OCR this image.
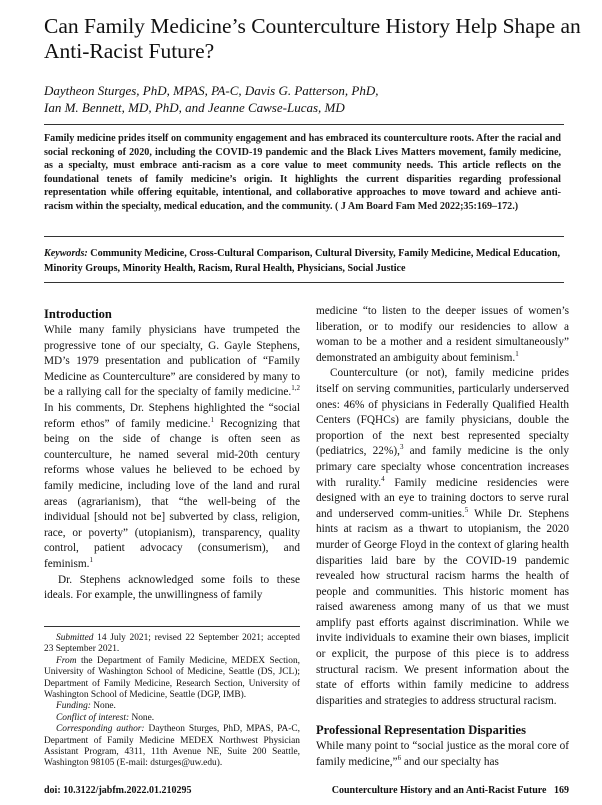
Can Family Medicine’s Counterculture History Help Shape an Anti-Racist Future?
Daytheon Sturges, PhD, MPAS, PA-C, Davis G. Patterson, PhD,
Ian M. Bennett, MD, PhD, and Jeanne Cawse-Lucas, MD
Family medicine prides itself on community engagement and has embraced its counterculture roots. After the racial and social reckoning of 2020, including the COVID-19 pandemic and the Black Lives Matters movement, family medicine, as a specialty, must embrace anti-racism as a core value to meet community needs. This article reflects on the foundational tenets of family medicine’s origin. It highlights the current disparities regarding professional representation while offering equitable, intentional, and collaborative approaches to move toward and achieve anti-racism within the specialty, medical education, and the community. ( J Am Board Fam Med 2022;35:169–172.)
Keywords: Community Medicine, Cross-Cultural Comparison, Cultural Diversity, Family Medicine, Medical Education, Minority Groups, Minority Health, Racism, Rural Health, Physicians, Social Justice
Introduction

While many family physicians have trumpeted the progressive tone of our specialty, G. Gayle Stephens, MD’s 1979 presentation and publication of “Family Medicine as Counterculture” are considered by many to be a rallying call for the specialty of family medicine.$^{1,2}$ In his comments, Dr. Stephens highlighted the “social reform ethos” of family medicine.$^1$ Recognizing that being on the side of change is often seen as counterculture, he named several mid-20th century reforms whose values he believed to be echoed by family medicine, including love of the land and rural areas (agrarianism), that “the well-being of the individual [should not be] subverted by class, religion, race, or poverty” (utopianism), transparency, quality control, patient advocacy (consumerism), and feminism.$^1$

Dr. Stephens acknowledged some foils to these ideals. For example, the unwillingness of family

Submitted 14 July 2021; revised 22 September 2021; accepted 23 September 2021.

From the Department of Family Medicine, MEDEX Section, University of Washington School of Medicine, Seattle (DS, JCL); Department of Family Medicine, Research Section, University of Washington School of Medicine, Seattle (DGP, IMB).

Funding: None.

Conflict of interest: None.

Corresponding author: Daytheon Sturges, PhD, MPAS, PA-C, Department of Family Medicine MEDEX Northwest Physician Assistant Program, 4311, 11th Avenue NE, Suite 200 Seattle, Washington 98105 (E-mail: dsturges@uw.edu).

medicine “to listen to the deeper issues of women’s liberation, or to modify our residencies to allow a woman to be a mother and a resident simultaneously” demonstrated an ambiguity about feminism.$^1$

Counterculture (or not), family medicine prides itself on serving communities, particularly underserved ones: 46% of physicians in Federally Qualified Health Centers (FQHCs) are family physicians, double the proportion of the next best represented specialty (pediatrics, 22%),$^3$ and family medicine is the only primary care specialty whose concentration increases with rurality.$^4$ Family medicine residencies were designed with an eye to training doctors to serve rural and underserved comm-unities.$^5$ While Dr. Stephens hints at racism as a thwart to utopianism, the 2020 murder of George Floyd in the context of glaring health disparities laid bare by the COVID-19 pandemic revealed how structural racism harms the health of people and communities. This historic moment has raised awareness among many of us that we must amplify past efforts against discrimination. While we invite individuals to examine their own biases, implicit or explicit, the purpose of this piece is to address structural racism. We present information about the state of efforts within family medicine to address disparities and strategies to address structural racism.

Professional Representation Disparities

While many point to “social justice as the moral core of family medicine,”$^6$ and our specialty has

doi: 10.3122/jabfm.2022.01.210295	Counterculture History and an Anti-Racist Future 169
